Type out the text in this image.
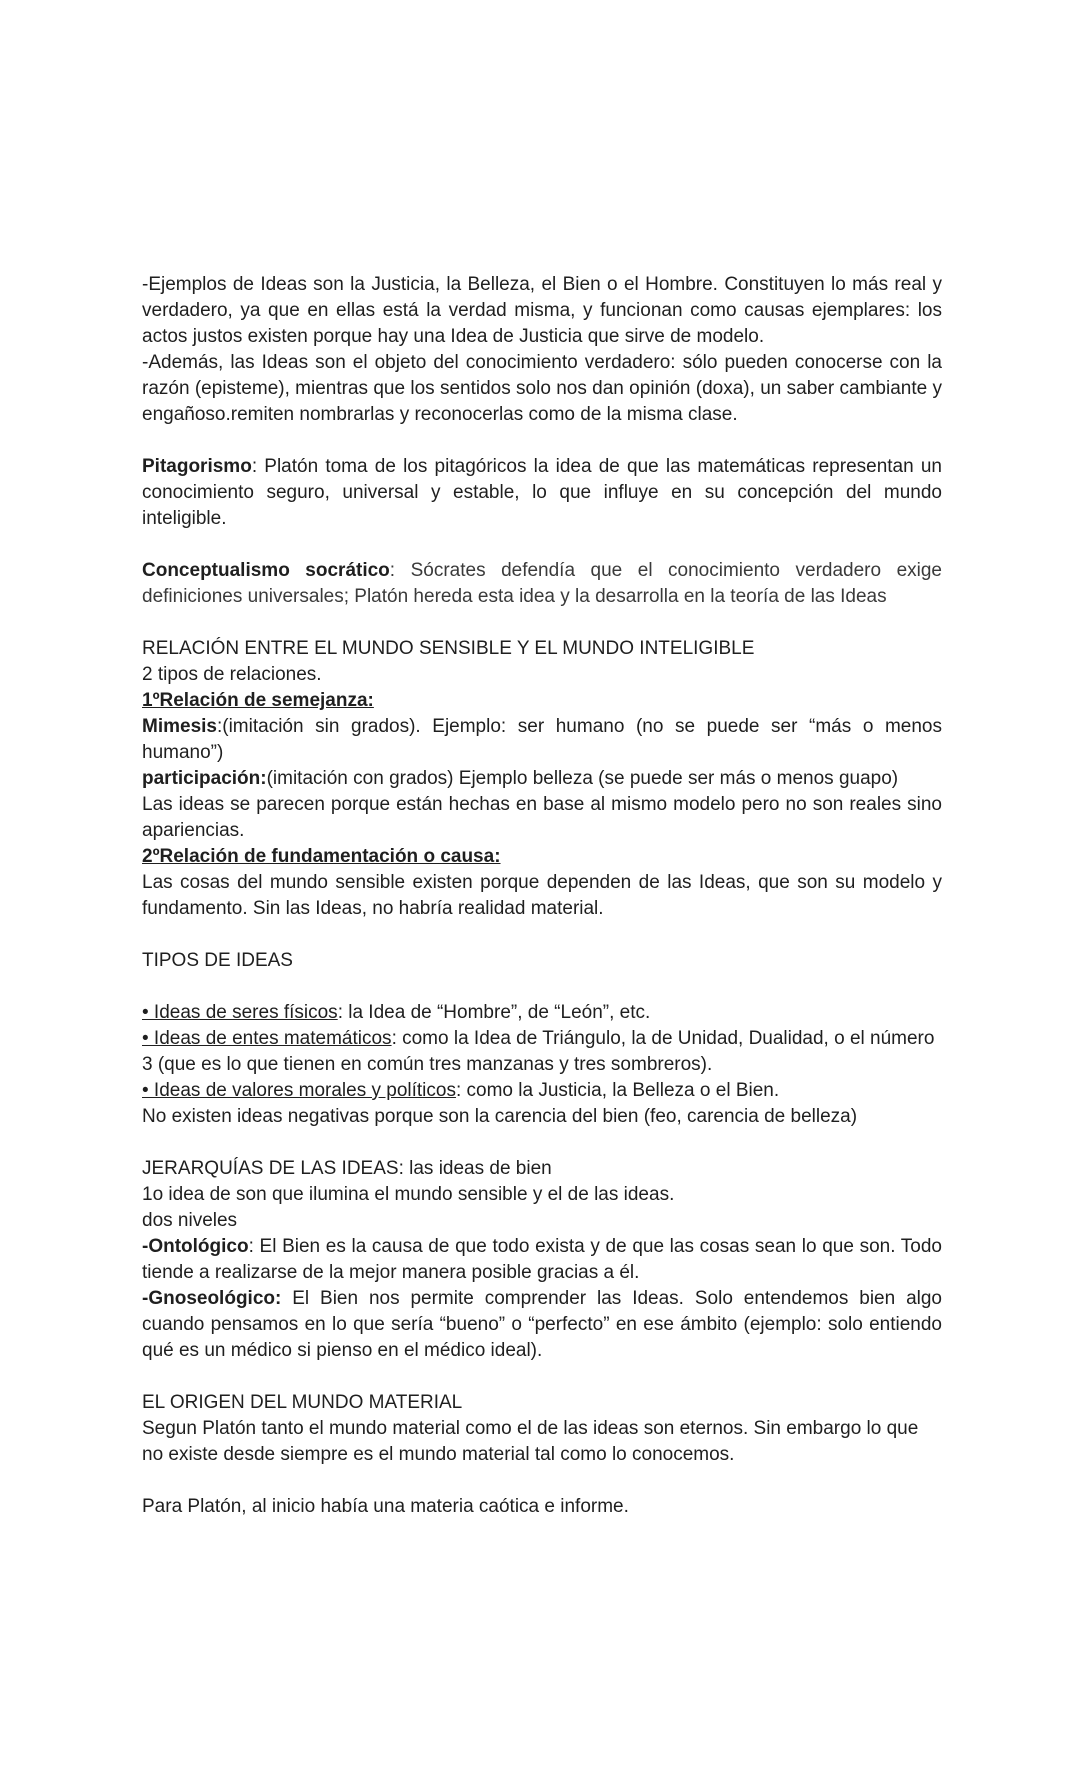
-Ejemplos de Ideas son la Justicia, la Belleza, el Bien o el Hombre. Constituyen lo más real y verdadero, ya que en ellas está la verdad misma, y funcionan como causas ejemplares: los actos justos existen porque hay una Idea de Justicia que sirve de modelo.

-Además, las Ideas son el objeto del conocimiento verdadero: sólo pueden conocerse con la razón (episteme), mientras que los sentidos solo nos dan opinión (doxa), un saber cambiante y engañoso.remiten nombrarlas y reconocerlas como de la misma clase.

Pitagorismo: Platón toma de los pitagóricos la idea de que las matemáticas representan un conocimiento seguro, universal y estable, lo que influye en su concepción del mundo inteligible.

Conceptualismo socrático: Sócrates defendía que el conocimiento verdadero exige definiciones universales; Platón hereda esta idea y la desarrolla en la teoría de las Ideas

RELACIÓN ENTRE EL MUNDO SENSIBLE Y EL MUNDO INTELIGIBLE

2 tipos de relaciones.

1ºRelación de semejanza:

Mimesis:(imitación sin grados). Ejemplo: ser humano (no se puede ser “más o menos humano”)

participación:(imitación con grados) Ejemplo belleza (se puede ser más o menos guapo)

Las ideas se parecen porque están hechas en base al mismo modelo pero no son reales sino apariencias.

2ºRelación de fundamentación o causa:

Las cosas del mundo sensible existen porque dependen de las Ideas, que son su modelo y fundamento. Sin las Ideas, no habría realidad material.

TIPOS DE IDEAS

• Ideas de seres físicos: la Idea de “Hombre”, de “León”, etc.

• Ideas de entes matemáticos: como la Idea de Triángulo, la de Unidad, Dualidad, o el número 3 (que es lo que tienen en común tres manzanas y tres sombreros).

• Ideas de valores morales y políticos: como la Justicia, la Belleza o el Bien.

No existen ideas negativas porque son la carencia del bien (feo, carencia de belleza)

JERARQUÍAS DE LAS IDEAS: las ideas de bien

1o idea de son que ilumina el mundo sensible y el de las ideas.

dos niveles

-Ontológico: El Bien es la causa de que todo exista y de que las cosas sean lo que son. Todo tiende a realizarse de la mejor manera posible gracias a él.

-Gnoseológico: El Bien nos permite comprender las Ideas. Solo entendemos bien algo cuando pensamos en lo que sería “bueno” o “perfecto” en ese ámbito (ejemplo: solo entiendo qué es un médico si pienso en el médico ideal).

EL ORIGEN DEL MUNDO MATERIAL

Segun Platón tanto el mundo material como el de las ideas son eternos. Sin embargo lo que no existe desde siempre es el mundo material tal como lo conocemos.

Para Platón, al inicio había una materia caótica e informe.
